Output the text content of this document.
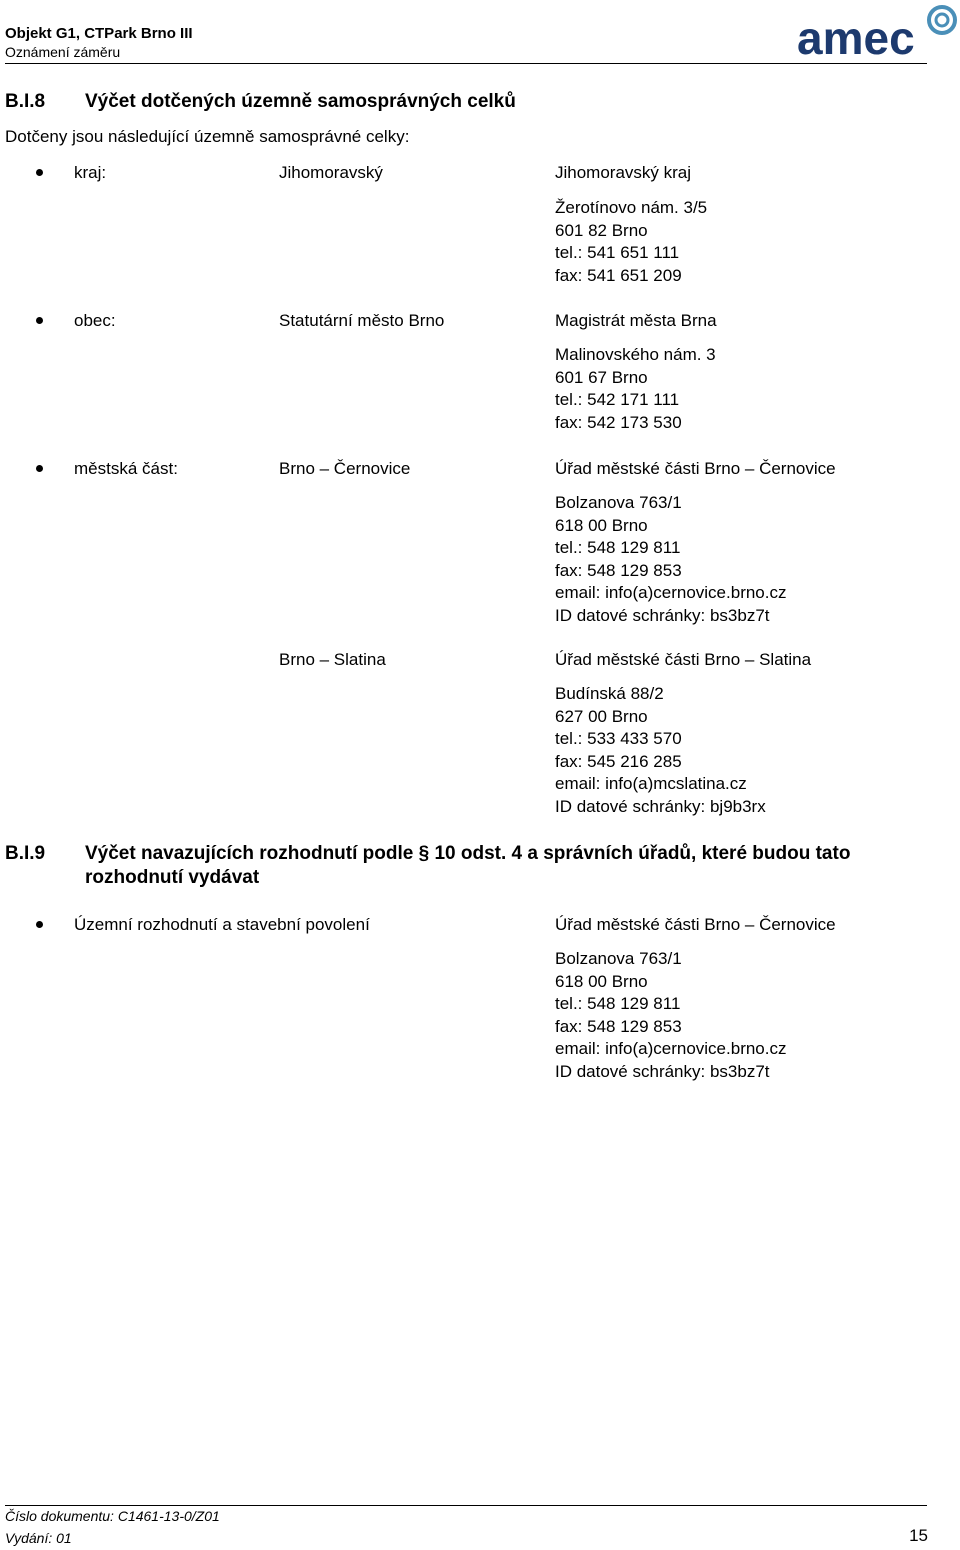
Objekt G1, CTPark Brno III
Oznámení záměru	amec
B.I.8 Výčet dotčených územně samosprávných celků
Dotčeny jsou následující územně samosprávné celky:
kraj:	Jihomoravský	Jihomoravský kraj
Žerotínovo nám. 3/5
601 82 Brno
tel.: 541 651 111
fax: 541 651 209
obec:	Statutární město Brno	Magistrát města Brna
Malinovského nám. 3
601 67 Brno
tel.: 542 171 111
fax: 542 173 530
městská část:	Brno – Černovice	Úřad městské části Brno – Černovice
Bolzanova 763/1
618 00 Brno
tel.: 548 129 811
fax: 548 129 853
email: info(a)cernovice.brno.cz
ID datové schránky: bs3bz7t
Brno – Slatina	Úřad městské části Brno – Slatina
Budínská 88/2
627 00 Brno
tel.: 533 433 570
fax: 545 216 285
email: info(a)mcslatina.cz
ID datové schránky: bj9b3rx
B.I.9 Výčet navazujících rozhodnutí podle § 10 odst. 4 a správních úřadů, které budou tato rozhodnutí vydávat
Územní rozhodnutí a stavební povolení	Úřad městské části Brno – Černovice
Bolzanova 763/1
618 00 Brno
tel.: 548 129 811
fax: 548 129 853
email: info(a)cernovice.brno.cz
ID datové schránky: bs3bz7t
Číslo dokumentu: C1461-13-0/Z01
Vydání: 01	15
